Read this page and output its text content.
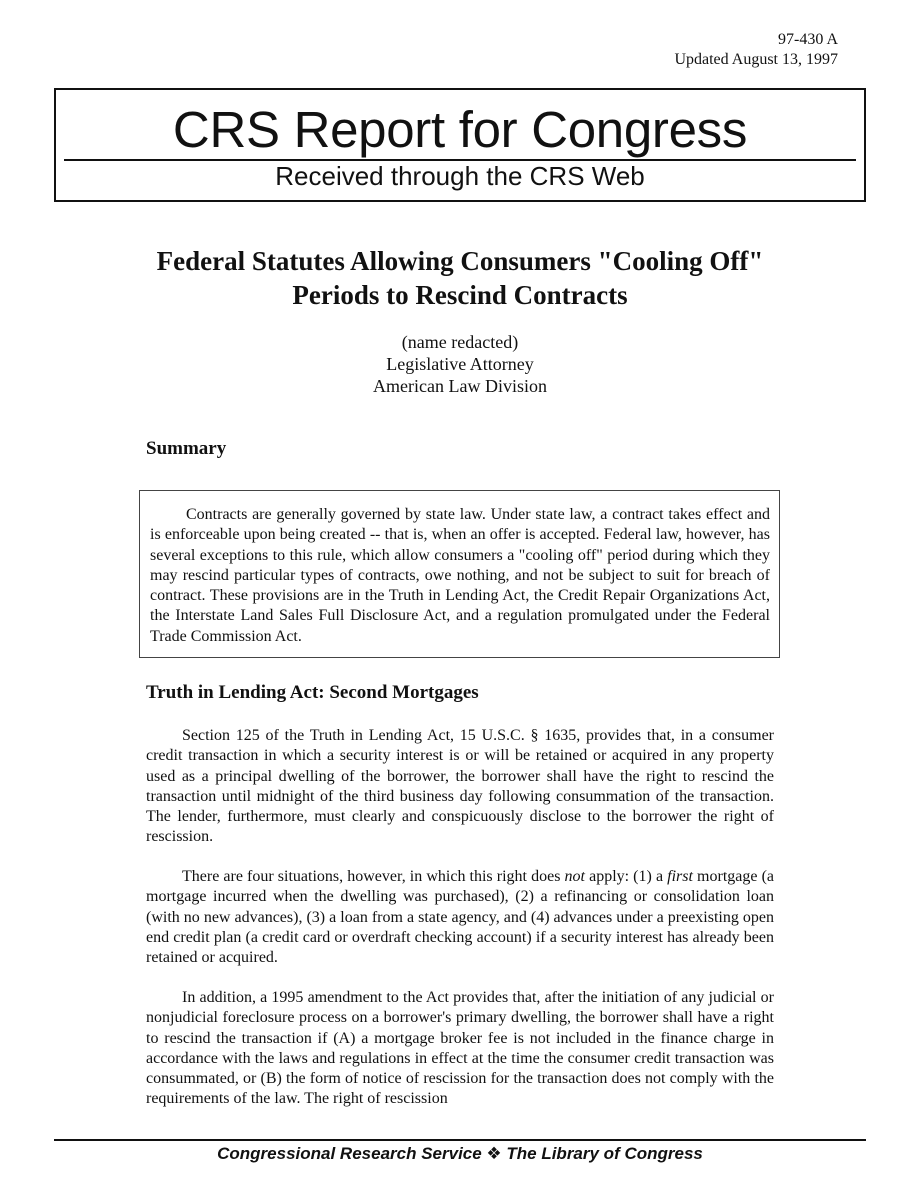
97-430 A
Updated August 13, 1997
CRS Report for Congress
Received through the CRS Web
Federal Statutes Allowing Consumers "Cooling Off" Periods to Rescind Contracts
(name redacted)
Legislative Attorney
American Law Division
Summary

Contracts are generally governed by state law. Under state law, a contract takes effect and is enforceable upon being created -- that is, when an offer is accepted. Federal law, however, has several exceptions to this rule, which allow consumers a "cooling off" period during which they may rescind particular types of contracts, owe nothing, and not be subject to suit for breach of contract. These provisions are in the Truth in Lending Act, the Credit Repair Organizations Act, the Interstate Land Sales Full Disclosure Act, and a regulation promulgated under the Federal Trade Commission Act.

Truth in Lending Act: Second Mortgages

Section 125 of the Truth in Lending Act, 15 U.S.C. § 1635, provides that, in a consumer credit transaction in which a security interest is or will be retained or acquired in any property used as a principal dwelling of the borrower, the borrower shall have the right to rescind the transaction until midnight of the third business day following consummation of the transaction. The lender, furthermore, must clearly and conspicuously disclose to the borrower the right of rescission.

There are four situations, however, in which this right does not apply: (1) a first mortgage (a mortgage incurred when the dwelling was purchased), (2) a refinancing or consolidation loan (with no new advances), (3) a loan from a state agency, and (4) advances under a preexisting open end credit plan (a credit card or overdraft checking account) if a security interest has already been retained or acquired.

In addition, a 1995 amendment to the Act provides that, after the initiation of any judicial or nonjudicial foreclosure process on a borrower's primary dwelling, the borrower shall have a right to rescind the transaction if (A) a mortgage broker fee is not included in the finance charge in accordance with the laws and regulations in effect at the time the consumer credit transaction was consummated, or (B) the form of notice of rescission for the transaction does not comply with the requirements of the law. The right of rescission

Congressional Research Service ❖ The Library of Congress
